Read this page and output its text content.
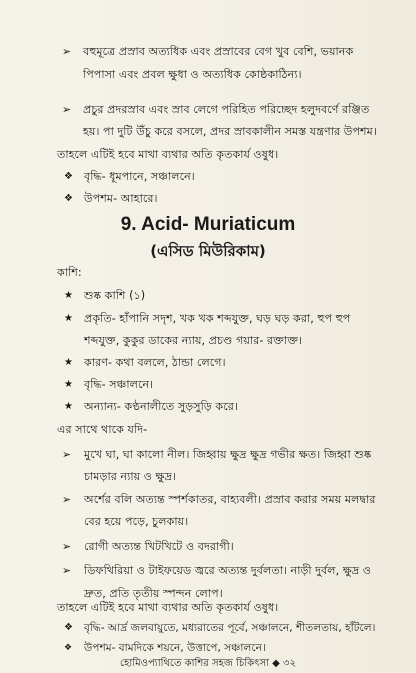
➢ বহুমূত্রে প্রস্রাব অত্যধিক এবং প্রস্রাবের বেগ খুব বেশি, ভয়ানক
পিপাসা এবং প্রবল ক্ষুধা ও অত্যধিক কোষ্ঠকাঠিন্য।
➢ প্রচুর প্রদরস্রাব এবং স্রাব লেগে পরিহিত পরিচ্ছেদ হলুদবর্ণে রঞ্জিত
হয়। পা দুটি উঁচু করে বসলে, প্রদর স্রাবকালীন সমস্ত যন্ত্রণার উপশম।
তাহলে এটিই হবে মাথা ব্যথার অতি কৃতকার্য ওষুধ।
❖ বৃদ্ধি- ধূমপানে, সঞ্চালনে।
❖ উপশম- আহারে।
9. Acid- Muriaticum
(এসিড মিউরিকাম)
কাশি:
★ শুষ্ক কাশি (১)
★ প্রকৃতি- হাঁপানি সদৃশ, খক খক শব্দযুক্ত, ঘড় ঘড় করা, হুপ হুপ
শব্দযুক্ত, কুকুর ডাকের ন্যায়, প্রচণ্ড গয়ার- রক্তাক্ত।
★ কারণ- কথা বললে, ঠান্ডা লেগে।
★ বৃদ্ধি- সঞ্চালনে।
★ অন্যান্য- কণ্ঠনালীতে সুড়সুড়ি করে।
এর সাথে থাকে যদি-
➢ মুখে ঘা, ঘা কালো নীল। জিহ্বায় ক্ষুদ্র ক্ষুদ্র গভীর ক্ষত। জিহ্বা শুষ্ক
চামড়ার ন্যায় ও ক্ষুদ্র।
➢ অর্শের বলি অত্যন্ত স্পর্শকাতর, বাহ্যবলী। প্রস্রাব করার সময় মলদ্বার
বের হয়ে পড়ে, চুলকায়।
➢ রোগী অত্যন্ত খিটখিটে ও বদরাগী।
➢ ডিফথিরিয়া ও টাইফয়েড জ্বরে অত্যন্ত দুর্বলতা। নাড়ী দুর্বল, ক্ষুদ্র ও
দ্রুত, প্রতি তৃতীয় স্পন্দন লোপ।
তাহলে এটিই হবে মাথা ব্যথার অতি কৃতকার্য ওষুধ।
❖ বৃদ্ধি- আর্দ্র জলবায়ুতে, মধ্যরাতের পূর্বে, সঞ্চালনে, শীতলতায়, হাঁটলে।
হোমিওপ্যাথিতে কাশির সহজ চিকিৎসা ◆ ৩২
❖ উপশম- বামদিকে শয়নে, উত্তাপে, সঞ্চালনে।
